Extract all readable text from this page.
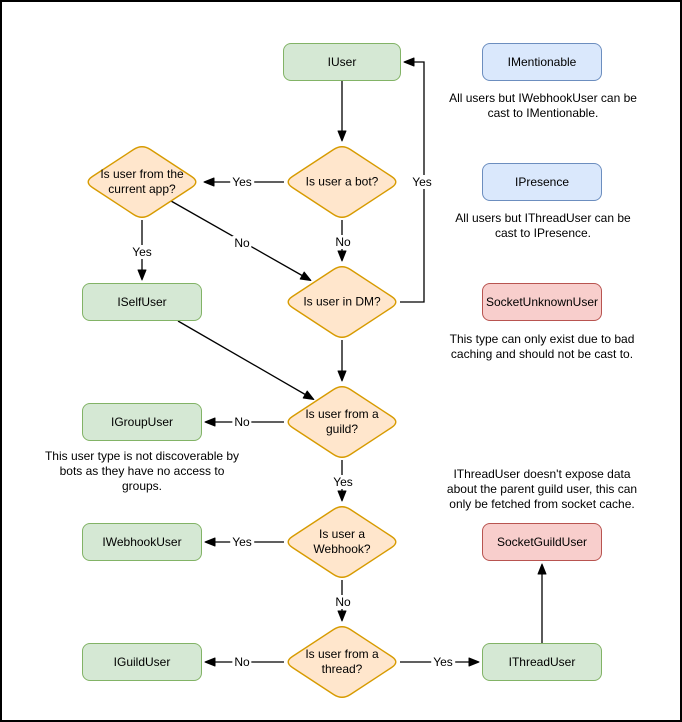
IUser	IMentionable
IPresence
ISelfUser	SocketUnknownUser
IGroupUser
IWebhookUser	SocketGuildUser
IGuildUser	IThreadUser
Is user a bot?
Is user from the
current app?
Is user in DM?
Is user from a
guild?
Is user a
Webhook?
Is user from a
thread?
Yes
No
Yes
Yes
No
No
Yes
Yes
No
No	Yes
All users but IWebhookUser can be
cast to IMentionable.
All users but IThreadUser can be
cast to IPresence.
This type can only exist due to bad
caching and should not be cast to.
This user type is not discoverable by
bots as they have no access to
groups.
IThreadUser doesn't expose data
about the parent guild user, this can
only be fetched from socket cache.
